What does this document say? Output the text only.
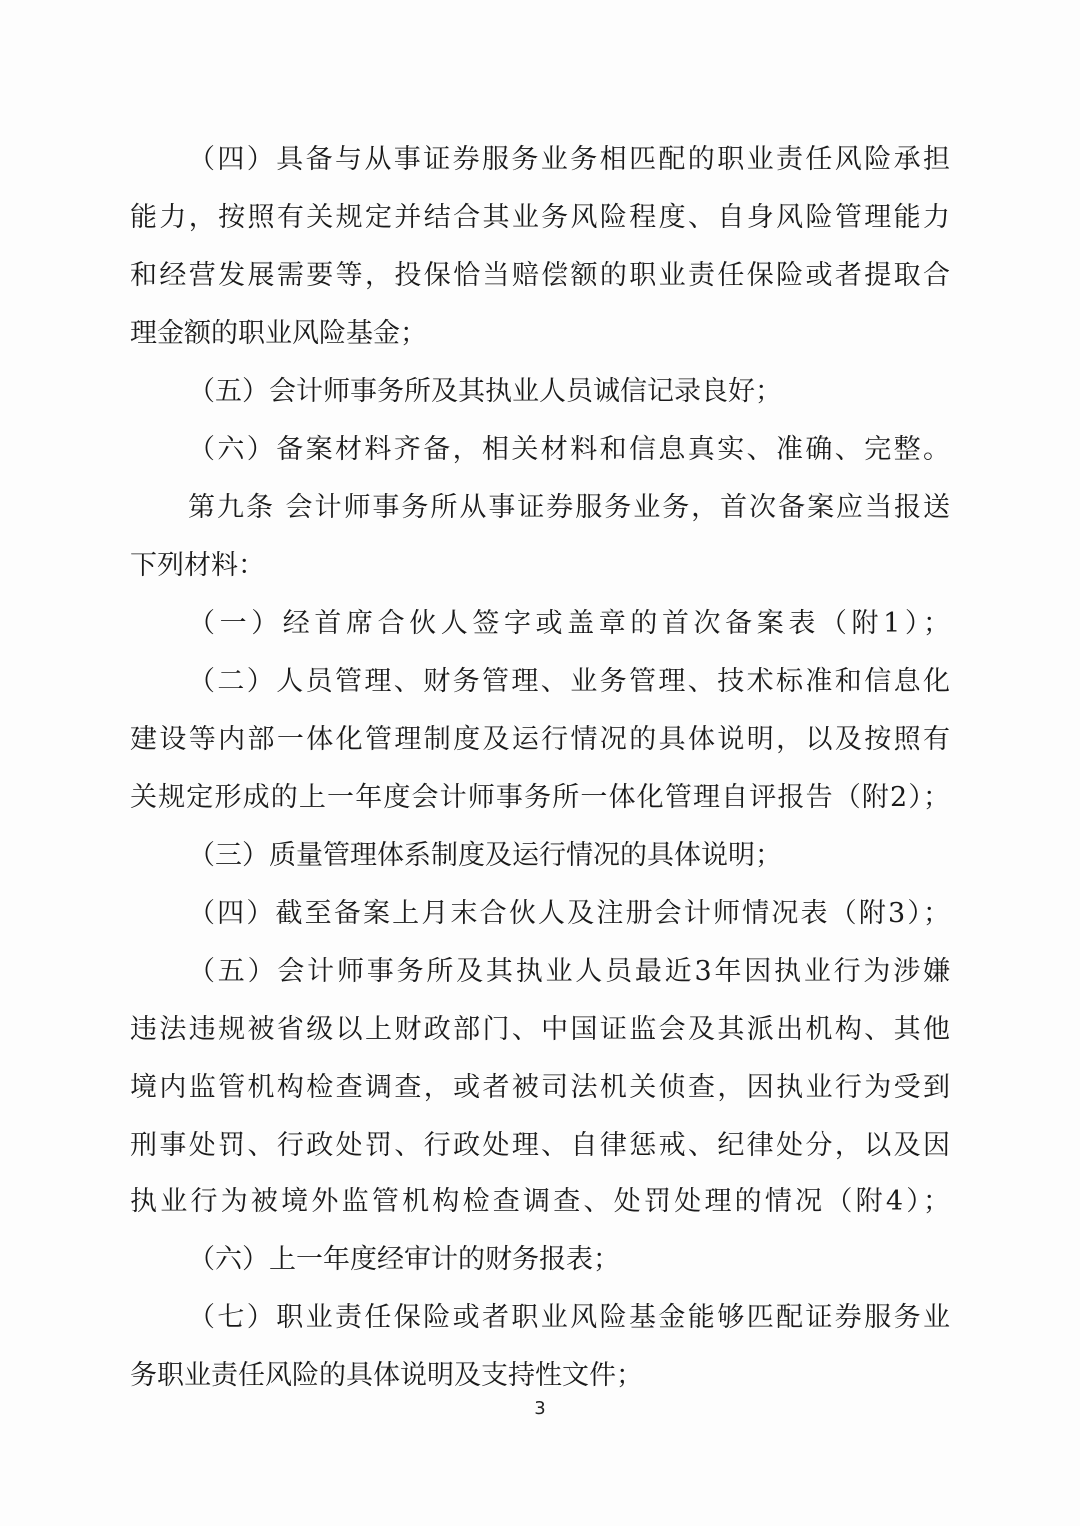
（四）具备与从事证券服务业务相匹配的职业责任风险承担
能力，按照有关规定并结合其业务风险程度、自身风险管理能力
和经营发展需要等，投保恰当赔偿额的职业责任保险或者提取合
理金额的职业风险基金；
（五）会计师事务所及其执业人员诚信记录良好；
（六）备案材料齐备，相关材料和信息真实、准确、完整。
第九条 会计师事务所从事证券服务业务，首次备案应当报送
下列材料：
（一）经首席合伙人签字或盖章的首次备案表（附1）；
（二）人员管理、财务管理、业务管理、技术标准和信息化
建设等内部一体化管理制度及运行情况的具体说明，以及按照有
关规定形成的上一年度会计师事务所一体化管理自评报告（附2）；
（三）质量管理体系制度及运行情况的具体说明；
（四）截至备案上月末合伙人及注册会计师情况表（附3）；
（五）会计师事务所及其执业人员最近3年因执业行为涉嫌
违法违规被省级以上财政部门、中国证监会及其派出机构、其他
境内监管机构检查调查，或者被司法机关侦查，因执业行为受到
刑事处罚、行政处罚、行政处理、自律惩戒、纪律处分，以及因
执业行为被境外监管机构检查调查、处罚处理的情况（附4）；
（六）上一年度经审计的财务报表；
（七）职业责任保险或者职业风险基金能够匹配证券服务业
务职业责任风险的具体说明及支持性文件；
3
